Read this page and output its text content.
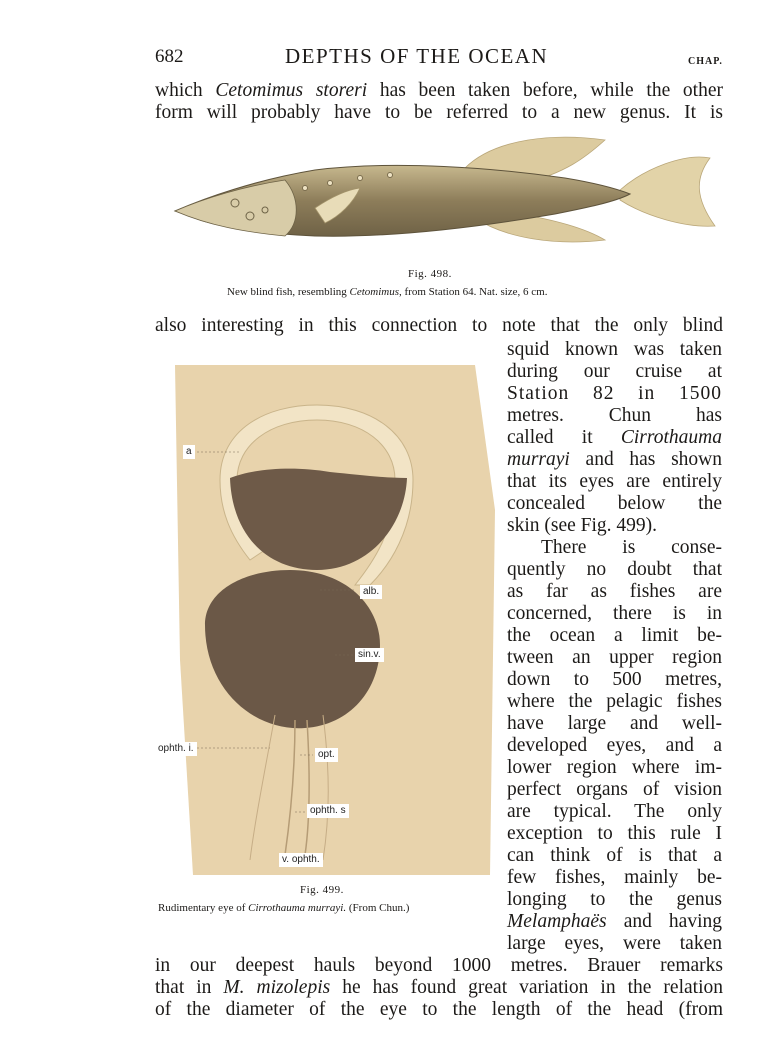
682	DEPTHS OF THE OCEAN	CHAP.
which Cetomimus storeri has been taken before, while the other
form will probably have to be referred to a new genus. It is
Fig. 498.
New blind fish, resembling Cetomimus, from Station 64. Nat. size, 6 cm.
also interesting in this connection to note that the only blind
a
alb.
sin.v.
ophth. i.
opt.
ophth. s
v. ophth.
Fig. 499.
Rudimentary eye of Cirrothauma murrayi. (From Chun.)
squid known was taken
during our cruise at
Station 82 in 1500
metres. Chun has
called it Cirrothauma
murrayi and has shown
that its eyes are entirely
concealed below the
skin (see Fig. 499).
There is conse-
quently no doubt that
as far as fishes are
concerned, there is in
the ocean a limit be-
tween an upper region
down to 500 metres,
where the pelagic fishes
have large and well-
developed eyes, and a
lower region where im-
perfect organs of vision
are typical. The only
exception to this rule I
can think of is that a
few fishes, mainly be-
longing to the genus
Melamphaës and having
large eyes, were taken
in our deepest hauls beyond 1000 metres. Brauer remarks
that in M. mizolepis he has found great variation in the relation
of the diameter of the eye to the length of the head (from
